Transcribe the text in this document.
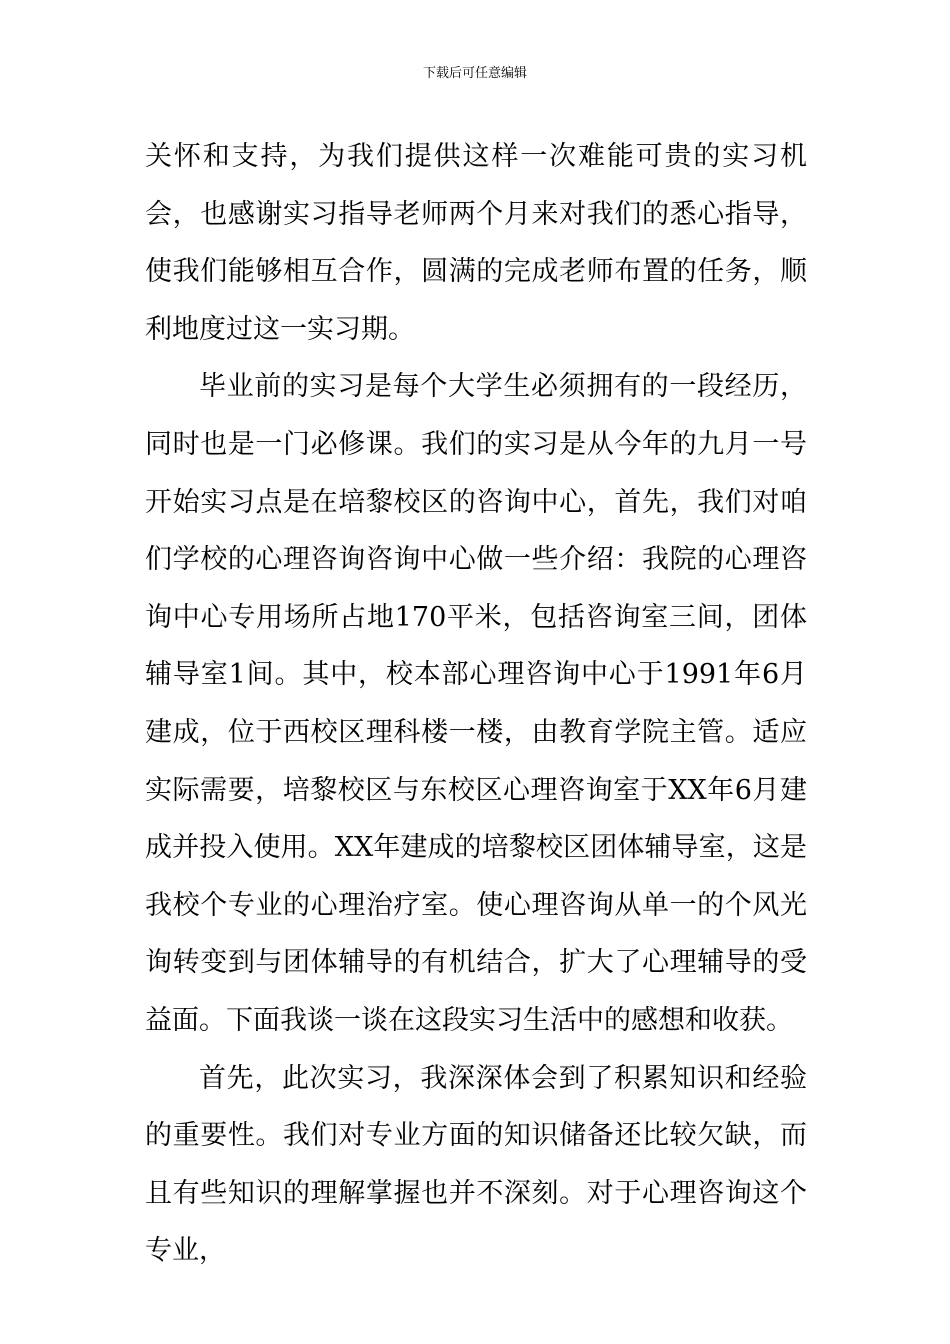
下载后可任意编辑

关怀和支持，为我们提供这样一次难能可贵的实习机会，也感谢实习指导老师两个月来对我们的悉心指导，使我们能够相互合作，圆满的完成老师布置的任务，顺利地度过这一实习期。

毕业前的实习是每个大学生必须拥有的一段经历，同时也是一门必修课。我们的实习是从今年的九月一号开始实习点是在培黎校区的咨询中心，首先，我们对咱们学校的心理咨询咨询中心做一些介绍：我院的心理咨询中心专用场所占地170平米，包括咨询室三间，团体辅导室1间。其中，校本部心理咨询中心于1991年6月建成，位于西校区理科楼一楼，由教育学院主管。适应实际需要，培黎校区与东校区心理咨询室于XX年6月建成并投入使用。XX年建成的培黎校区团体辅导室，这是我校个专业的心理治疗室。使心理咨询从单一的个风光询转变到与团体辅导的有机结合，扩大了心理辅导的受益面。下面我谈一谈在这段实习生活中的感想和收获。

首先，此次实习，我深深体会到了积累知识和经验的重要性。我们对专业方面的知识储备还比较欠缺，而且有些知识的理解掌握也并不深刻。对于心理咨询这个专业，
